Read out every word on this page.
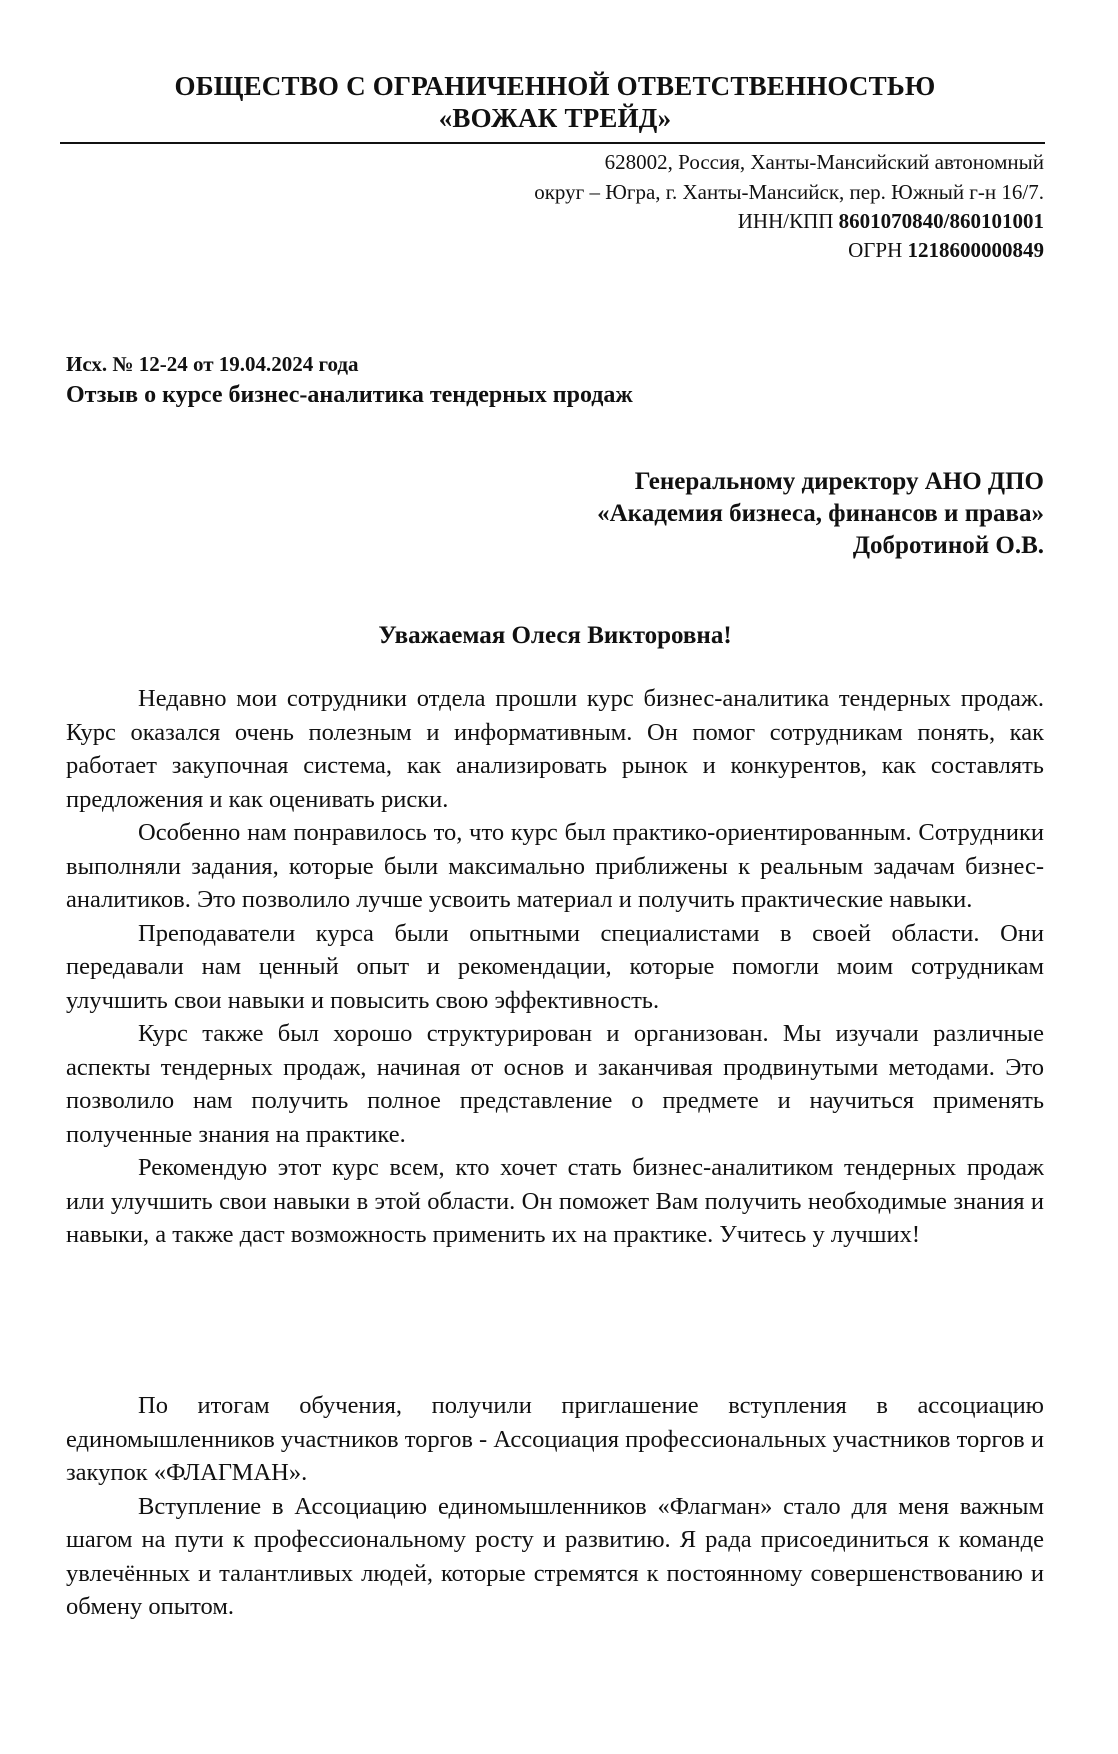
ОБЩЕСТВО С ОГРАНИЧЕННОЙ ОТВЕТСТВЕННОСТЬЮ
«ВОЖАК ТРЕЙД»
628002, Россия, Ханты-Мансийский автономный
округ – Югра, г. Ханты-Мансийск, пер. Южный г-н 16/7.
ИНН/КПП 8601070840/860101001
ОГРН 1218600000849
Исх. № 12-24 от 19.04.2024 года
Отзыв о курсе бизнес-аналитика тендерных продаж
Генеральному директору АНО ДПО
«Академия бизнеса, финансов и права»
Добротиной О.В.
Уважаемая Олеся Викторовна!

Недавно мои сотрудники отдела прошли курс бизнес-аналитика тендерных продаж. Курс оказался очень полезным и информативным. Он помог сотрудникам понять, как работает закупочная система, как анализировать рынок и конкурентов, как составлять предложения и как оценивать риски.

Особенно нам понравилось то, что курс был практико-ориентированным. Сотрудники выполняли задания, которые были максимально приближены к реальным задачам бизнес-аналитиков. Это позволило лучше усвоить материал и получить практические навыки.

Преподаватели курса были опытными специалистами в своей области. Они передавали нам ценный опыт и рекомендации, которые помогли моим сотрудникам улучшить свои навыки и повысить свою эффективность.

Курс также был хорошо структурирован и организован. Мы изучали различные аспекты тендерных продаж, начиная от основ и заканчивая продвинутыми методами. Это позволило нам получить полное представление о предмете и научиться применять полученные знания на практике.

Рекомендую этот курс всем, кто хочет стать бизнес-аналитиком тендерных продаж или улучшить свои навыки в этой области. Он поможет Вам получить необходимые знания и навыки, а также даст возможность применить их на практике. Учитесь у лучших!

По итогам обучения, получили приглашение вступления в ассоциацию единомышленников участников торгов - Ассоциация профессиональных участников торгов и закупок «ФЛАГМАН».

Вступление в Ассоциацию единомышленников «Флагман» стало для меня важным шагом на пути к профессиональному росту и развитию. Я рада присоединиться к команде увлечённых и талантливых людей, которые стремятся к постоянному совершенствованию и обмену опытом.
